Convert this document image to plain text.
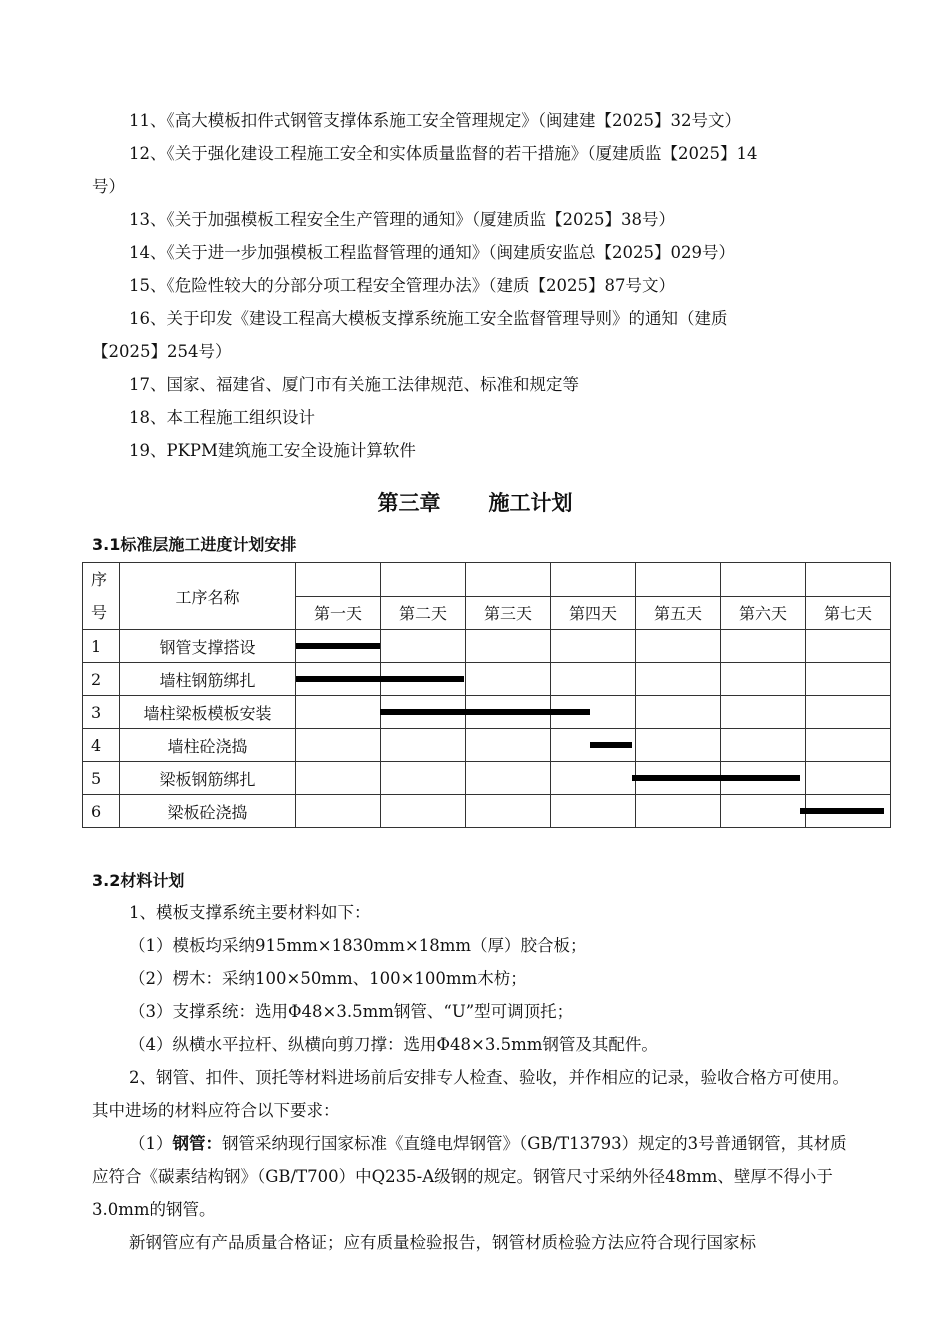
11、《高大模板扣件式钢管支撑体系施工安全管理规定》（闽建建【2025】32号文）
12、《关于强化建设工程施工安全和实体质量监督的若干措施》（厦建质监【2025】14
号）
13、《关于加强模板工程安全生产管理的通知》（厦建质监【2025】38号）
14、《关于进一步加强模板工程监督管理的通知》（闽建质安监总【2025】029号）
15、《危险性较大的分部分项工程安全管理办法》（建质【2025】87号文）
16、关于印发《建设工程高大模板支撑系统施工安全监督管理导则》的通知（建质
【2025】254号）
17、国家、福建省、厦门市有关施工法律规范、标准和规定等
18、本工程施工组织设计
19、PKPM建筑施工安全设施计算软件
第三章 施工计划
3.1标准层施工进度计划安排
序
号	工序名称							
		第一天	第二天	第三天	第四天	第五天	第六天	第七天
1	钢管支撑搭设	

2	墙柱钢筋绑扎	

3	墙柱梁板模板安装	

4	墙柱砼浇捣	

5	梁板钢筋绑扎	

6	梁板砼浇捣	

3.2材料计划
1、模板支撑系统主要材料如下：
（1）模板均采纳915mm×1830mm×18mm（厚）胶合板；
（2）楞木：采纳100×50mm、100×100mm木枋；
（3）支撑系统：选用Φ48×3.5mm钢管、“U”型可调顶托；
（4）纵横水平拉杆、纵横向剪刀撑：选用Φ48×3.5mm钢管及其配件。
2、钢管、扣件、顶托等材料进场前后安排专人检查、验收，并作相应的记录，验收合格方可使用。其中进场的材料应符合以下要求：
（1）钢管：钢管采纳现行国家标准《直缝电焊钢管》（GB/T13793）规定的3号普通钢管，其材质应符合《碳素结构钢》（GB/T700）中Q235-A级钢的规定。钢管尺寸采纳外径48mm、壁厚不得小于3.0mm的钢管。
新钢管应有产品质量合格证；应有质量检验报告，钢管材质检验方法应符合现行国家标
